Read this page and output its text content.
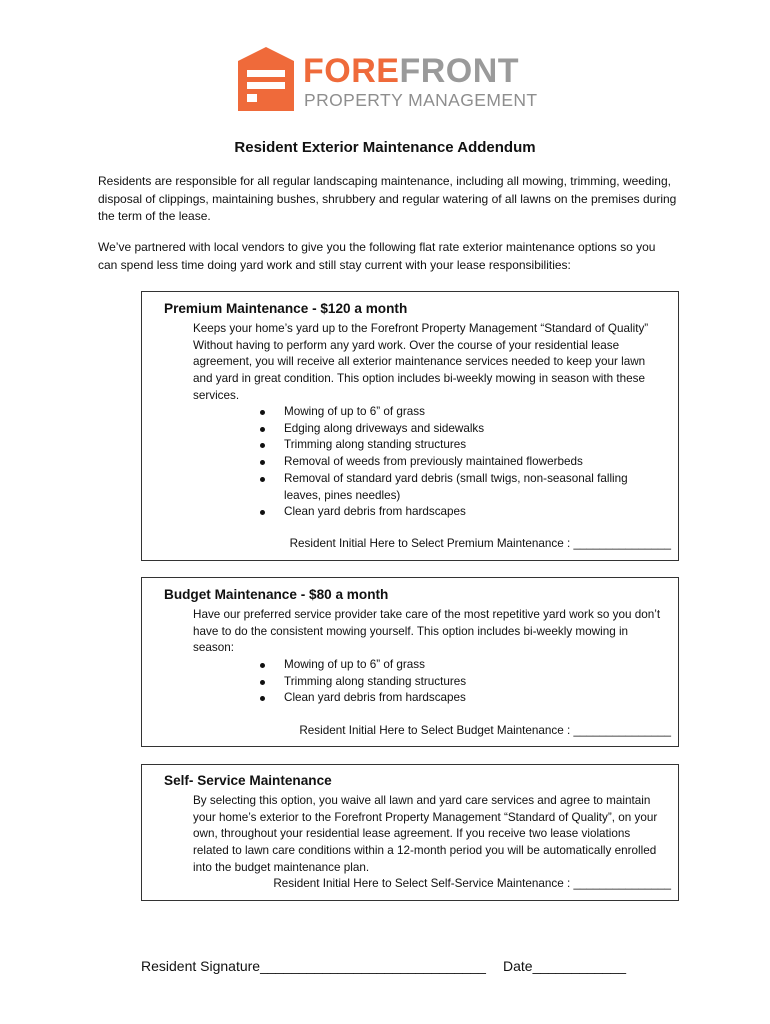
FOREFRONT
PROPERTY MANAGEMENT
Resident Exterior Maintenance Addendum
Residents are responsible for all regular landscaping maintenance, including all mowing, trimming, weeding, disposal of clippings, maintaining bushes, shrubbery and regular watering of all lawns on the premises during the term of the lease.
We’ve partnered with local vendors to give you the following flat rate exterior maintenance options so you can spend less time doing yard work and still stay current with your lease responsibilities:
Premium Maintenance - $120 a month
Keeps your home’s yard up to the Forefront Property Management “Standard of Quality” Without having to perform any yard work. Over the course of your residential lease agreement, you will receive all exterior maintenance services needed to keep your lawn and yard in great condition. This option includes bi-weekly mowing in season with these services.
Mowing of up to 6” of grass
Edging along driveways and sidewalks
Trimming along standing structures
Removal of weeds from previously maintained flowerbeds
Removal of standard yard debris (small twigs, non-seasonal falling leaves, pines needles)
Clean yard debris from hardscapes
Resident Initial Here to Select Premium Maintenance : _______________
Budget Maintenance - $80 a month
Have our preferred service provider take care of the most repetitive yard work so you don’t have to do the consistent mowing yourself. This option includes bi-weekly mowing in season:
Mowing of up to 6” of grass
Trimming along standing structures
Clean yard debris from hardscapes
Resident Initial Here to Select Budget Maintenance : _______________
Self- Service Maintenance
By selecting this option, you waive all lawn and yard care services and agree to maintain your home’s exterior to the Forefront Property Management “Standard of Quality”, on your own, throughout your residential lease agreement. If you receive two lease violations related to lawn care conditions within a 12-month period you will be automatically enrolled into the budget maintenance plan.
Resident Initial Here to Select Self-Service Maintenance : _______________
Resident Signature_____________________________ Date____________
